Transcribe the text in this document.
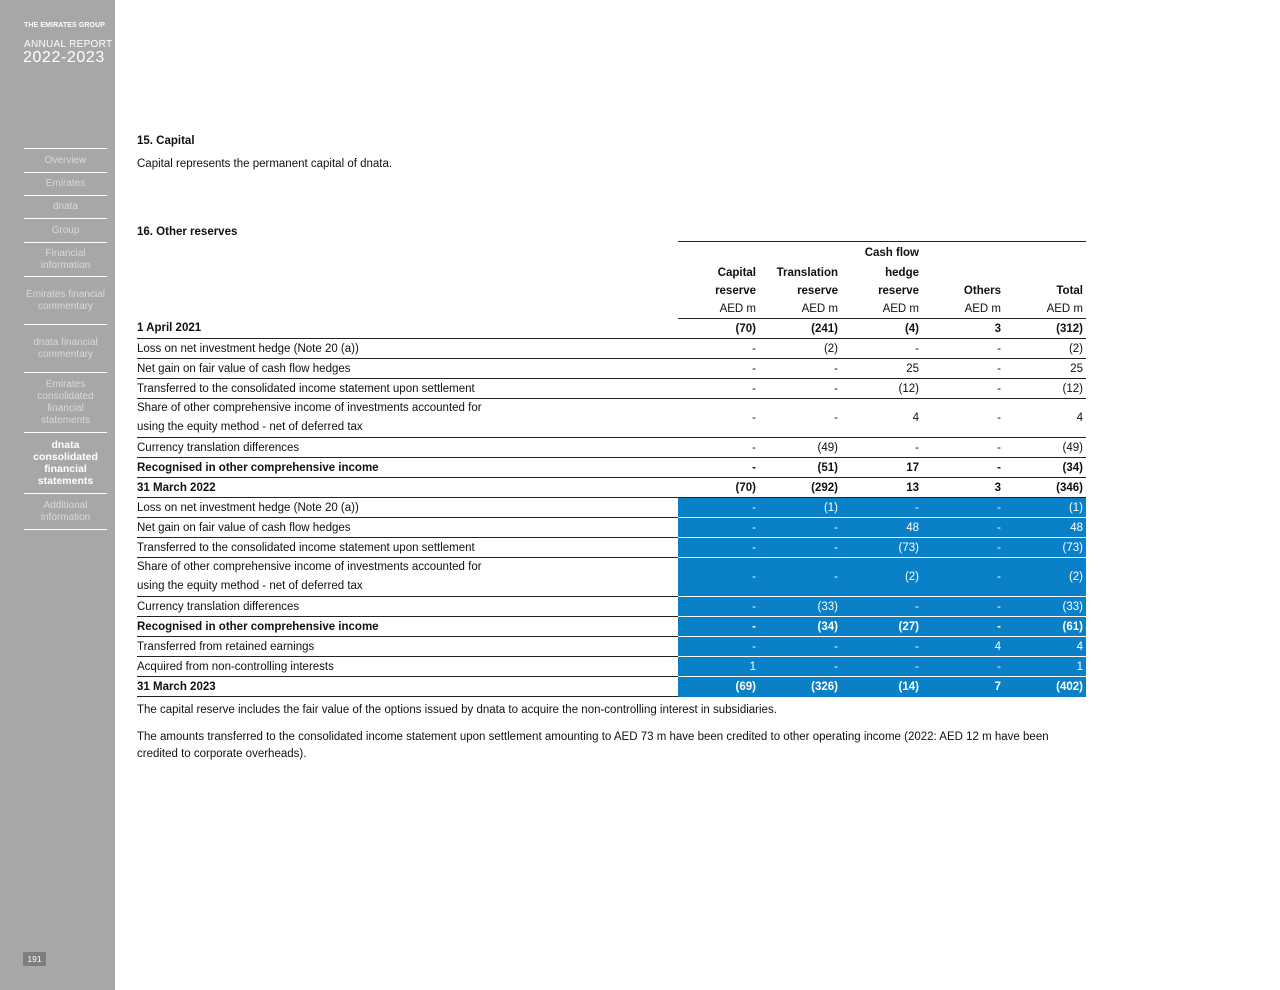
THE EMIRATES GROUP
ANNUAL REPORT
2022-2023
Overview
Emirates
dnata
Group
Financial information
Emirates financial commentary
dnata financial commentary
Emirates consolidated financial statements
dnata consolidated financial statements
Additional information
191
15. Capital
Capital represents the permanent capital of dnata.
16. Other reserves
			Cash flow		
	Capital	Translation	hedge		
	reserve	reserve	reserve	Others	Total
	AED m	AED m	AED m	AED m	AED m
1 April 2021	(70)	(241)	(4)	3	(312)
Loss on net investment hedge (Note 20 (a))	-	(2)	-	-	(2)
Net gain on fair value of cash flow hedges	-	-	25	-	25
Transferred to the consolidated income statement upon settlement	-	-	(12)	-	(12)
Share of other comprehensive income of investments accounted for
using the equity method - net of deferred tax	-	-	4	-	4
Currency translation differences	-	(49)	-	-	(49)
Recognised in other comprehensive income	-	(51)	17	-	(34)
31 March 2022	(70)	(292)	13	3	(346)
Loss on net investment hedge (Note 20 (a))	-	(1)	-	-	(1)
Net gain on fair value of cash flow hedges	-	-	48	-	48
Transferred to the consolidated income statement upon settlement	-	-	(73)	-	(73)
Share of other comprehensive income of investments accounted for
using the equity method - net of deferred tax	-	-	(2)	-	(2)
Currency translation differences	-	(33)	-	-	(33)
Recognised in other comprehensive income	-	(34)	(27)	-	(61)
Transferred from retained earnings	-	-	-	4	4
Acquired from non-controlling interests	1	-	-	-	1
31 March 2023	(69)	(326)	(14)	7	(402)
The capital reserve includes the fair value of the options issued by dnata to acquire the non-controlling interest in subsidiaries.
The amounts transferred to the consolidated income statement upon settlement amounting to AED 73 m have been credited to other operating income (2022: AED 12 m have been credited to corporate overheads).
